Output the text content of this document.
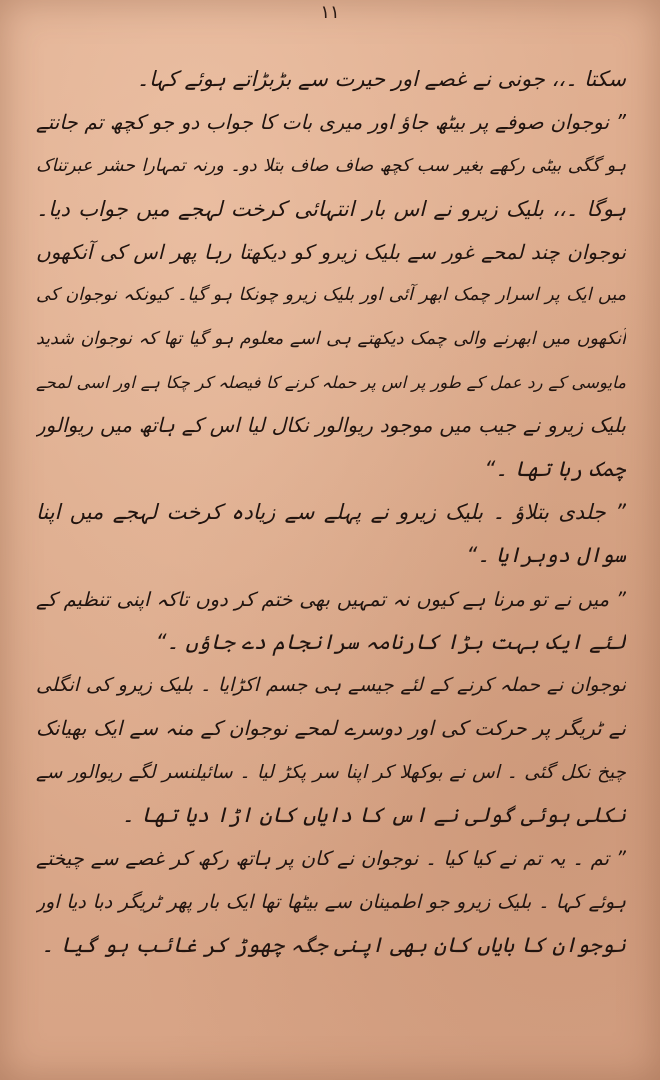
۱۱
سکتا ۔،، جونی نے غصے اور حیرت سے بڑبڑاتے ہوئے کہا۔
” نوجوان صوفے پر بیٹھ جاؤ اور میری بات کا جواب دو جو کچھ تم جانتے
ہو گگی بیٹی رکھے بغیر سب کچھ صاف صاف بتلا دو۔ ورنہ تمہارا حشر عبرتناک
ہوگا ۔،، بلیک زیرو نے اس بار انتہائی کرخت لہجے میں جواب دیا۔
نوجوان چند لمحے غور سے بلیک زیرو کو دیکھتا رہا پھر اس کی آنکھوں
میں ایک پر اسرار چمک ابھر آئی اور بلیک زیرو چونکا ہو گیا۔ کیونکہ نوجوان کی
آنکھوں میں ابھرنے والی چمک دیکھتے ہی اسے معلوم ہو گیا تھا کہ نوجوان شدید
مایوسی کے رد عمل کے طور پر اس پر حملہ کرنے کا فیصلہ کر چکا ہے اور اسی لمحے
بلیک زیرو نے جیب میں موجود ریوالور نکال لیا اس کے ہاتھ میں ریوالور
چمک رہا تھا ۔“
” جلدی بتلاؤ ۔ بلیک زیرو نے پہلے سے زیادہ کرخت لہجے میں اپنا
سوال دوہرایا ۔“
” میں نے تو مرنا ہے کیوں نہ تمہیں بھی ختم کر دوں تاکہ اپنی تنظیم کے
لئے ایک بہت بڑا کارنامہ سرانجام دے جاؤں ۔“
نوجوان نے حملہ کرنے کے لئے جیسے ہی جسم اکڑایا ۔ بلیک زیرو کی انگلی
نے ٹریگر پر حرکت کی اور دوسرے لمحے نوجوان کے منہ سے ایک بھیانک
چیخ نکل گئی ۔ اس نے بوکھلا کر اپنا سر پکڑ لیا ۔ سائیلنسر لگے ریوالور سے
نکلی ہوئی گولی نے اس کا دایاں کان اڑا دیا تھا ۔
” تم ۔ یہ تم نے کیا کیا ۔ نوجوان نے کان پر ہاتھ رکھ کر غصے سے چیختے
ہوئے کہا ۔ بلیک زیرو جو اطمینان سے بیٹھا تھا ایک بار پھر ٹریگر دبا دیا اور
نوجوان کا بایاں کان بھی اپنی جگہ چھوڑ کر غائب ہو گیا ۔
